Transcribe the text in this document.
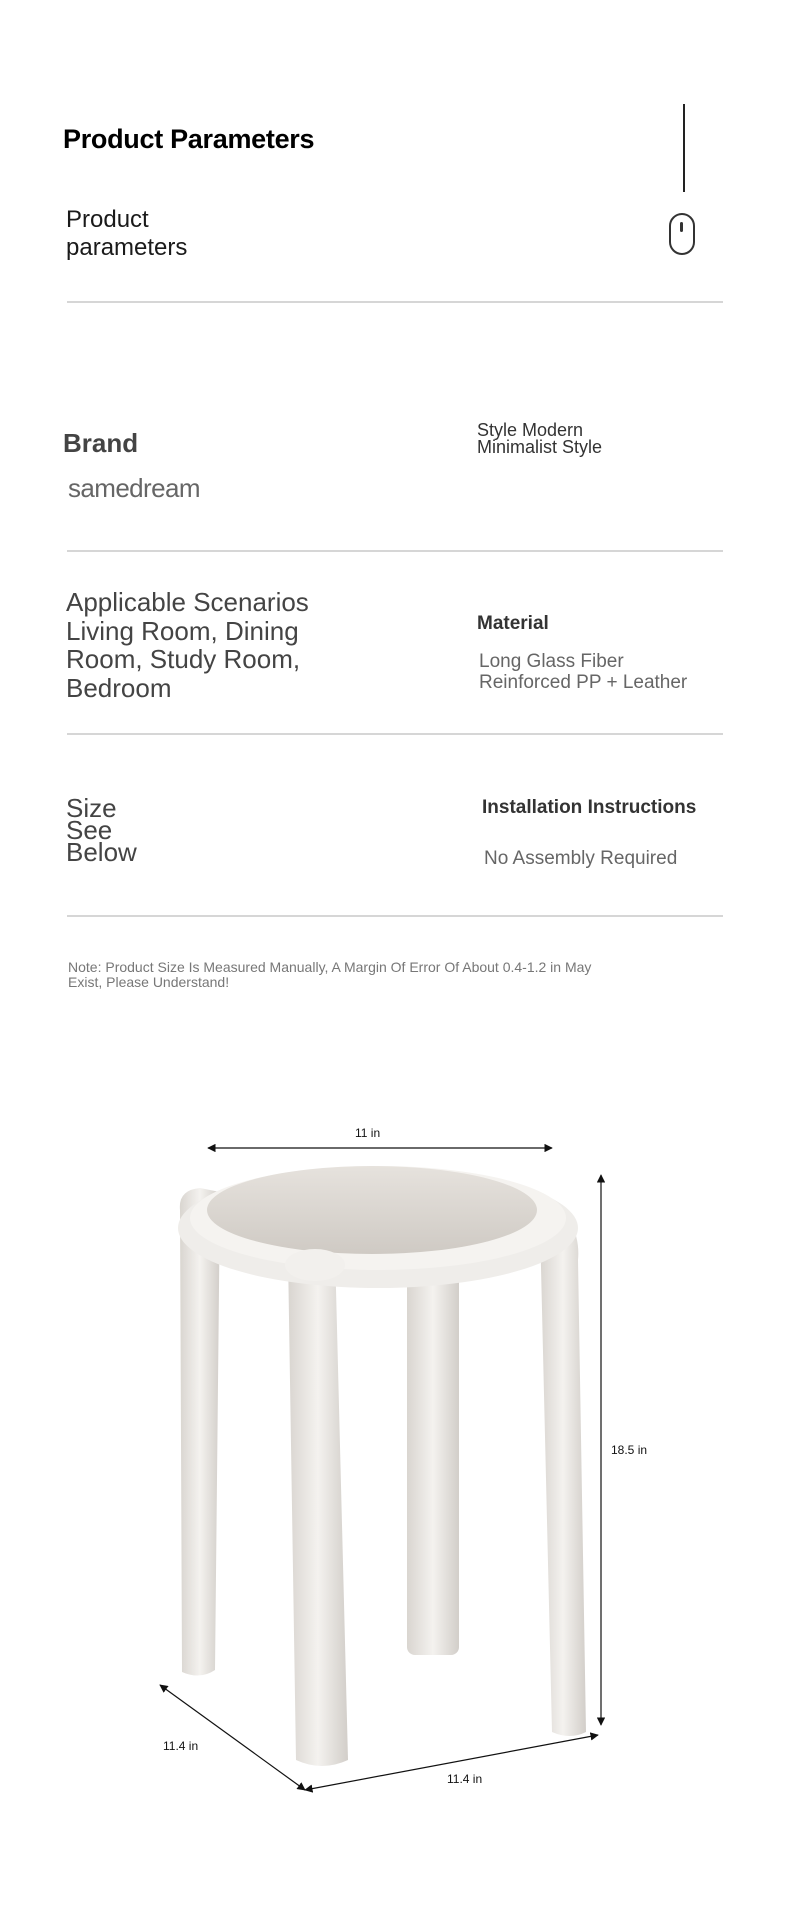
Product Parameters
Product parameters
Brand
samedream
Style Modern Minimalist Style
Applicable Scenarios Living Room, Dining Room, Study Room, Bedroom
Material
Long Glass Fiber Reinforced PP + Leather
Size See Below
Installation Instructions
No Assembly Required
Note: Product Size Is Measured Manually, A Margin Of Error Of About 0.4-1.2 in May Exist, Please Understand!
11 in
18.5 in
11.4 in
11.4 in
